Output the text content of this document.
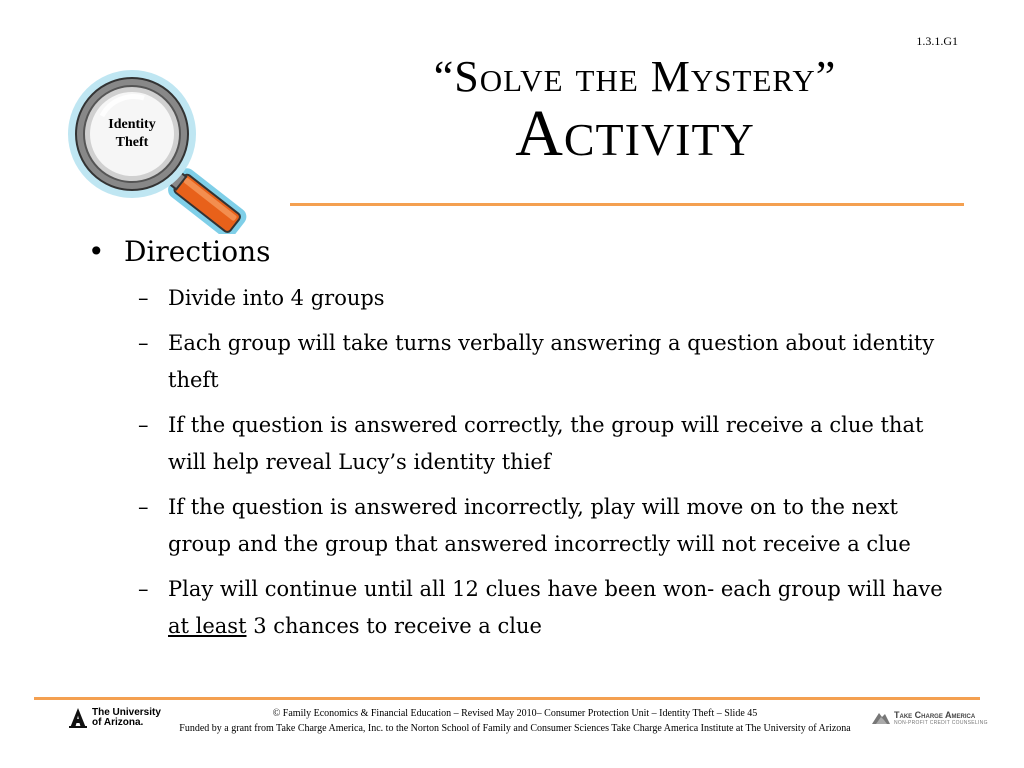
1.3.1.G1
Identity
Theft
“Solve the Mystery”
Activity
• Directions
– Divide into 4 groups
– Each group will take turns verbally answering a question about identity theft
– If the question is answered correctly, the group will receive a clue that will help reveal Lucy’s identity thief
– If the question is answered incorrectly, play will move on to the next group and the group that answered incorrectly will not receive a clue
– Play will continue until all 12 clues have been won- each group will have at least 3 chances to receive a clue
The University
of Arizona.
© Family Economics & Financial Education – Revised May 2010– Consumer Protection Unit – Identity Theft – Slide 45
Funded by a grant from Take Charge America, Inc. to the Norton School of Family and Consumer Sciences Take Charge America Institute at The University of Arizona
Take Charge America
NON-PROFIT CREDIT COUNSELING
